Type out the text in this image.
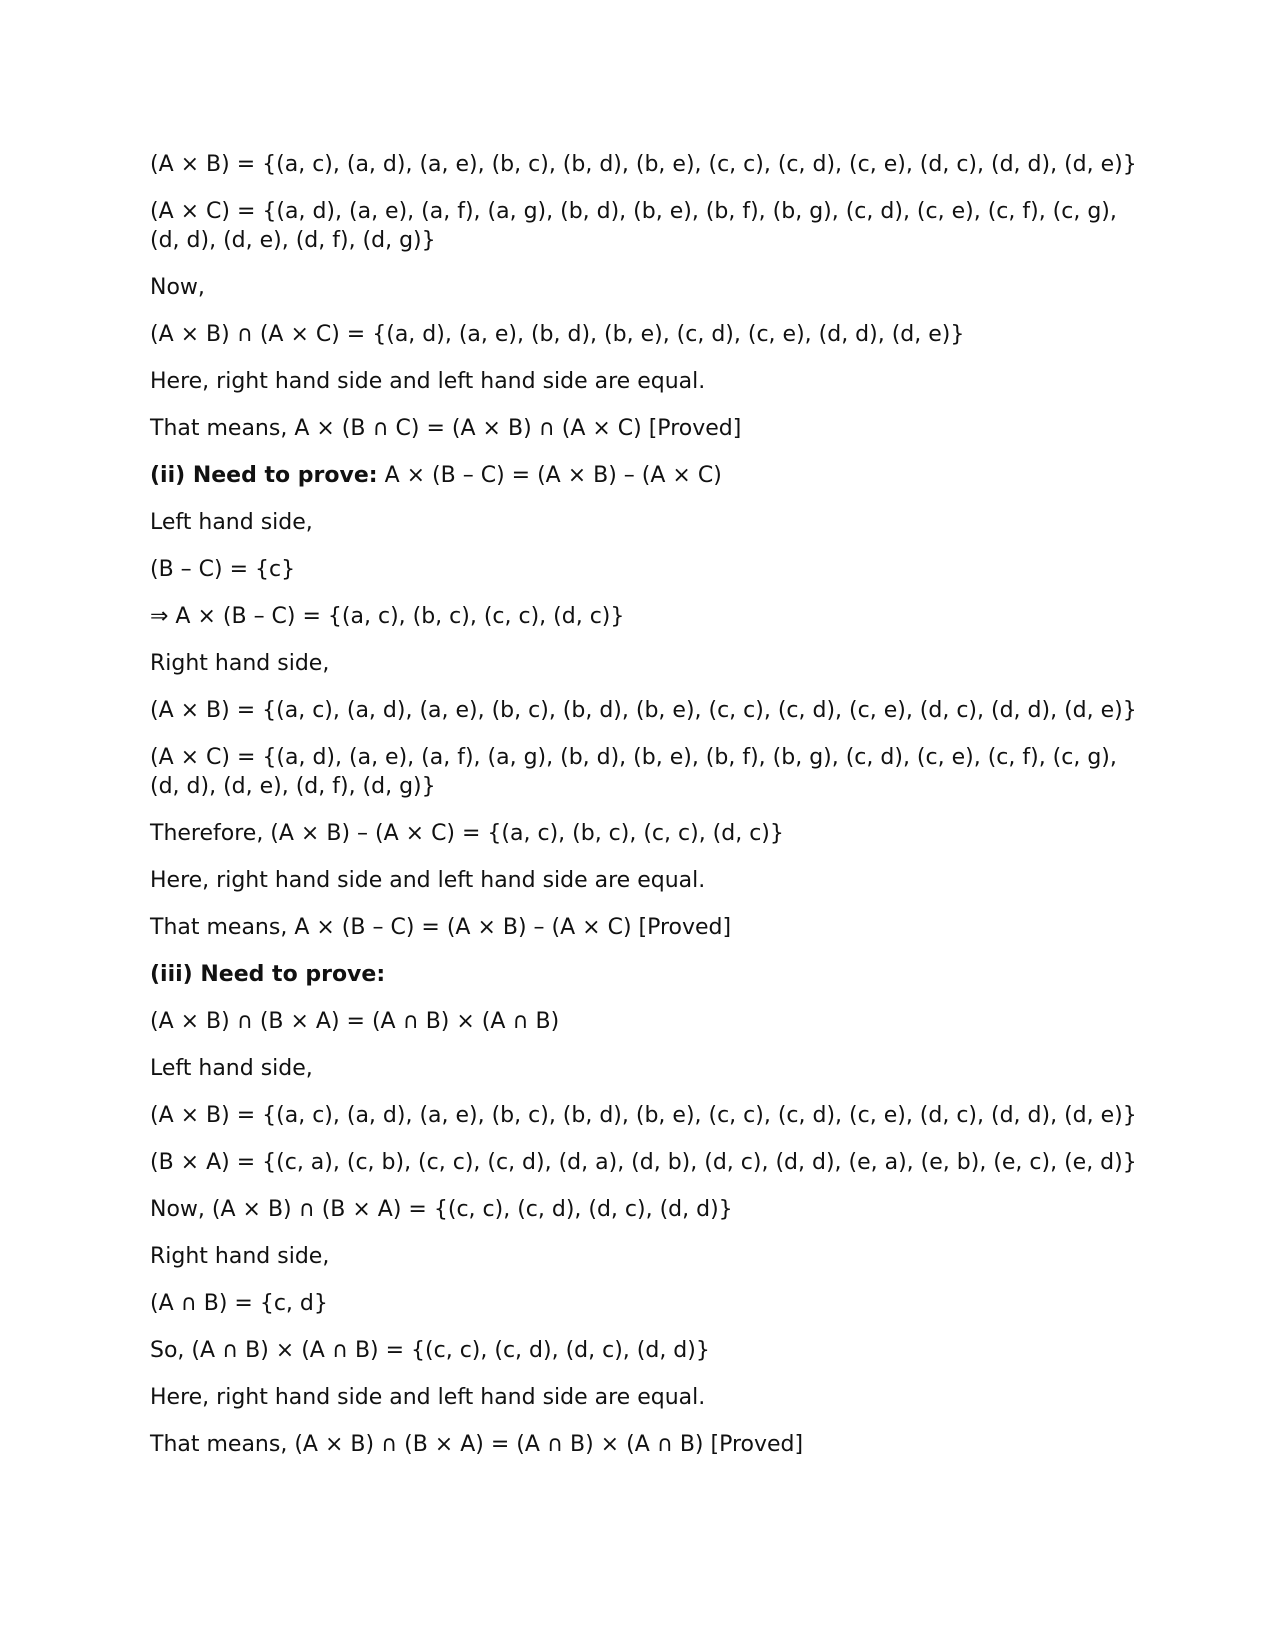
(A × B) = {(a, c), (a, d), (a, e), (b, c), (b, d), (b, e), (c, c), (c, d), (c, e), (d, c), (d, d), (d, e)}

(A × C) = {(a, d), (a, e), (a, f), (a, g), (b, d), (b, e), (b, f), (b, g), (c, d), (c, e), (c, f), (c, g), (d, d), (d, e), (d, f), (d, g)}

Now,

(A × B) ∩ (A × C) = {(a, d), (a, e), (b, d), (b, e), (c, d), (c, e), (d, d), (d, e)}

Here, right hand side and left hand side are equal.

That means, A × (B ∩ C) = (A × B) ∩ (A × C) [Proved]

(ii) Need to prove: A × (B – C) = (A × B) – (A × C)

Left hand side,

(B – C) = {c}

⇒ A × (B – C) = {(a, c), (b, c), (c, c), (d, c)}

Right hand side,

(A × B) = {(a, c), (a, d), (a, e), (b, c), (b, d), (b, e), (c, c), (c, d), (c, e), (d, c), (d, d), (d, e)}

(A × C) = {(a, d), (a, e), (a, f), (a, g), (b, d), (b, e), (b, f), (b, g), (c, d), (c, e), (c, f), (c, g), (d, d), (d, e), (d, f), (d, g)}

Therefore, (A × B) – (A × C) = {(a, c), (b, c), (c, c), (d, c)}

Here, right hand side and left hand side are equal.

That means, A × (B – C) = (A × B) – (A × C) [Proved]

(iii) Need to prove:

(A × B) ∩ (B × A) = (A ∩ B) × (A ∩ B)

Left hand side,

(A × B) = {(a, c), (a, d), (a, e), (b, c), (b, d), (b, e), (c, c), (c, d), (c, e), (d, c), (d, d), (d, e)}

(B × A) = {(c, a), (c, b), (c, c), (c, d), (d, a), (d, b), (d, c), (d, d), (e, a), (e, b), (e, c), (e, d)}

Now, (A × B) ∩ (B × A) = {(c, c), (c, d), (d, c), (d, d)}

Right hand side,

(A ∩ B) = {c, d}

So, (A ∩ B) × (A ∩ B) = {(c, c), (c, d), (d, c), (d, d)}

Here, right hand side and left hand side are equal.

That means, (A × B) ∩ (B × A) = (A ∩ B) × (A ∩ B) [Proved]
